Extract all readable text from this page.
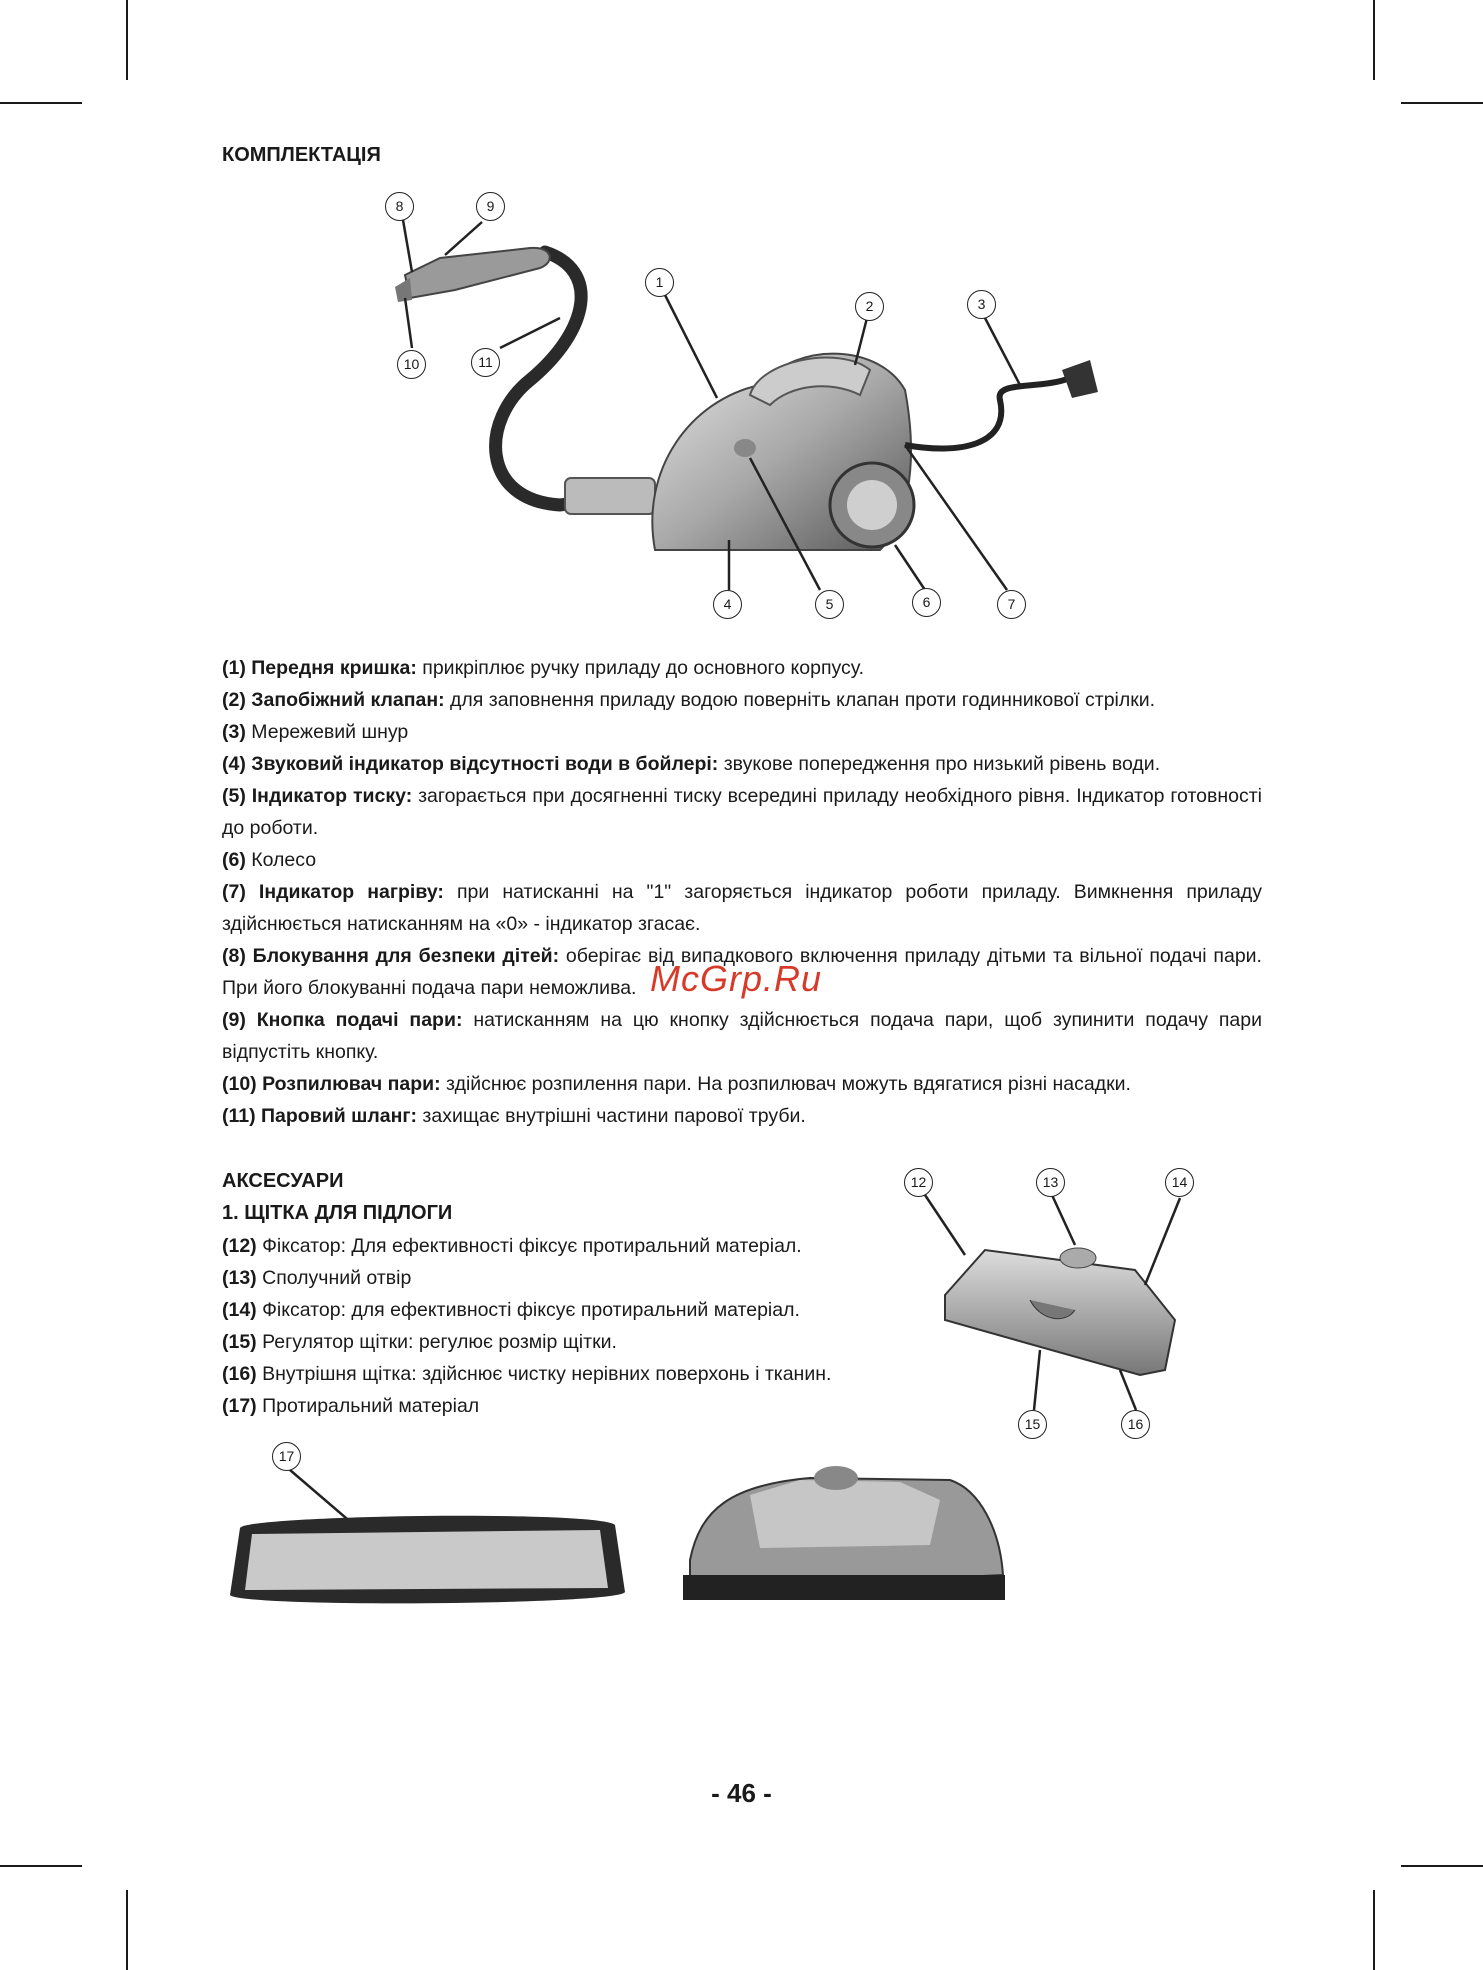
КОМПЛЕКТАЦІЯ
1
2	3
4	5	6	7
8	9
10	11

(1) Передня кришка: прикріплює ручку приладу до основного корпусу.

(2) Запобіжний клапан: для заповнення приладу водою поверніть клапан проти годинникової стрілки.

(3) Мережевий шнур

(4) Звуковий індикатор відсутності води в бойлері: звукове попередження про низький рівень води.

(5) Індикатор тиску: загорається при досягненні тиску всередині приладу необхідного рівня. Індикатор готовності до роботи.

(6) Колесо

(7) Індикатор нагріву: при натисканні на "1" загоряється індикатор роботи приладу. Вимкнення приладу здійснюється натисканням на «0» - індикатор згасає.

(8) Блокування для безпеки дітей: оберігає від випадкового включення приладу дітьми та вільної подачі пари. При його блокуванні подача пари неможлива.

(9) Кнопка подачі пари: натисканням на цю кнопку здійснюється подача пари, щоб зупинити подачу пари відпустіть кнопку.

(10) Розпилювач пари: здійснює розпилення пари. На розпилювач можуть вдягатися різні насадки.

(11) Паровий шланг: захищає внутрішні частини парової труби.

McGrp.Ru
АКСЕСУАРИ
1. ЩІТКА ДЛЯ ПІДЛОГИ

(12) Фіксатор: Для ефективності фіксує протиральний матеріал.

(13) Сполучний отвір

(14) Фіксатор: для ефективності фіксує протиральний матеріал.

(15) Регулятор щітки: регулює розмір щітки.

(16) Внутрішня щітка: здійснює чистку нерівних поверхонь і тканин.

(17) Протиральний матеріал

12	13	14
15	16
17
- 46 -
